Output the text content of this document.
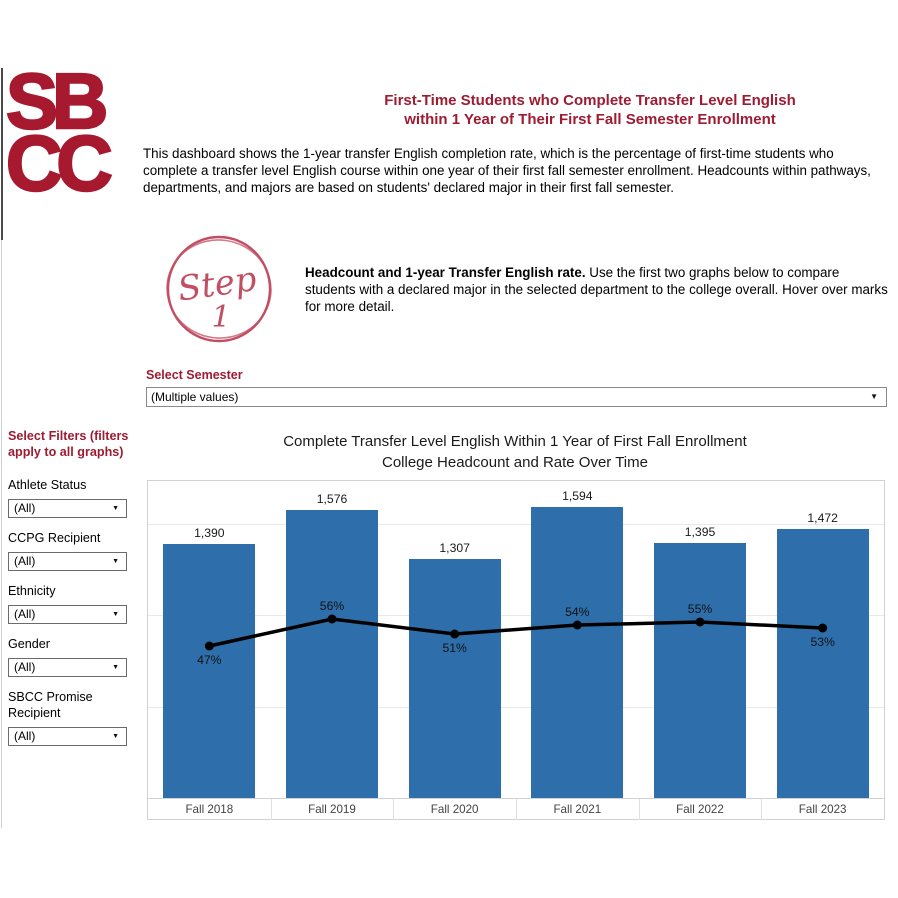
SB
CC
First-Time Students who Complete Transfer Level English
within 1 Year of Their First Fall Semester Enrollment
This dashboard shows the 1-year transfer English completion rate, which is the percentage of first-time students who complete a transfer level English course within one year of their first fall semester enrollment. Headcounts within pathways, departments, and majors are based on students' declared major in their first fall semester.
Step
1
Headcount and 1-year Transfer English rate. Use the first two graphs below to compare students with a declared major in the selected department to the college overall. Hover over marks for more detail.
Select Semester
(Multiple values)	▼
Select Filters (filters apply to all graphs)
Athlete Status
(All)	▼
CCPG Recipient
(All)	▼
Ethnicity
(All)	▼
Gender
(All)	▼
SBCC Promise Recipient
(All)	▼
Complete Transfer Level English Within 1 Year of First Fall Enrollment
College Headcount and Rate Over Time
1,390
1,576
1,307
1,594
1,395
1,472
47%
56%
51%
54%	55%
53%
Fall 2018	Fall 2019	Fall 2020	Fall 2021	Fall 2022	Fall 2023
